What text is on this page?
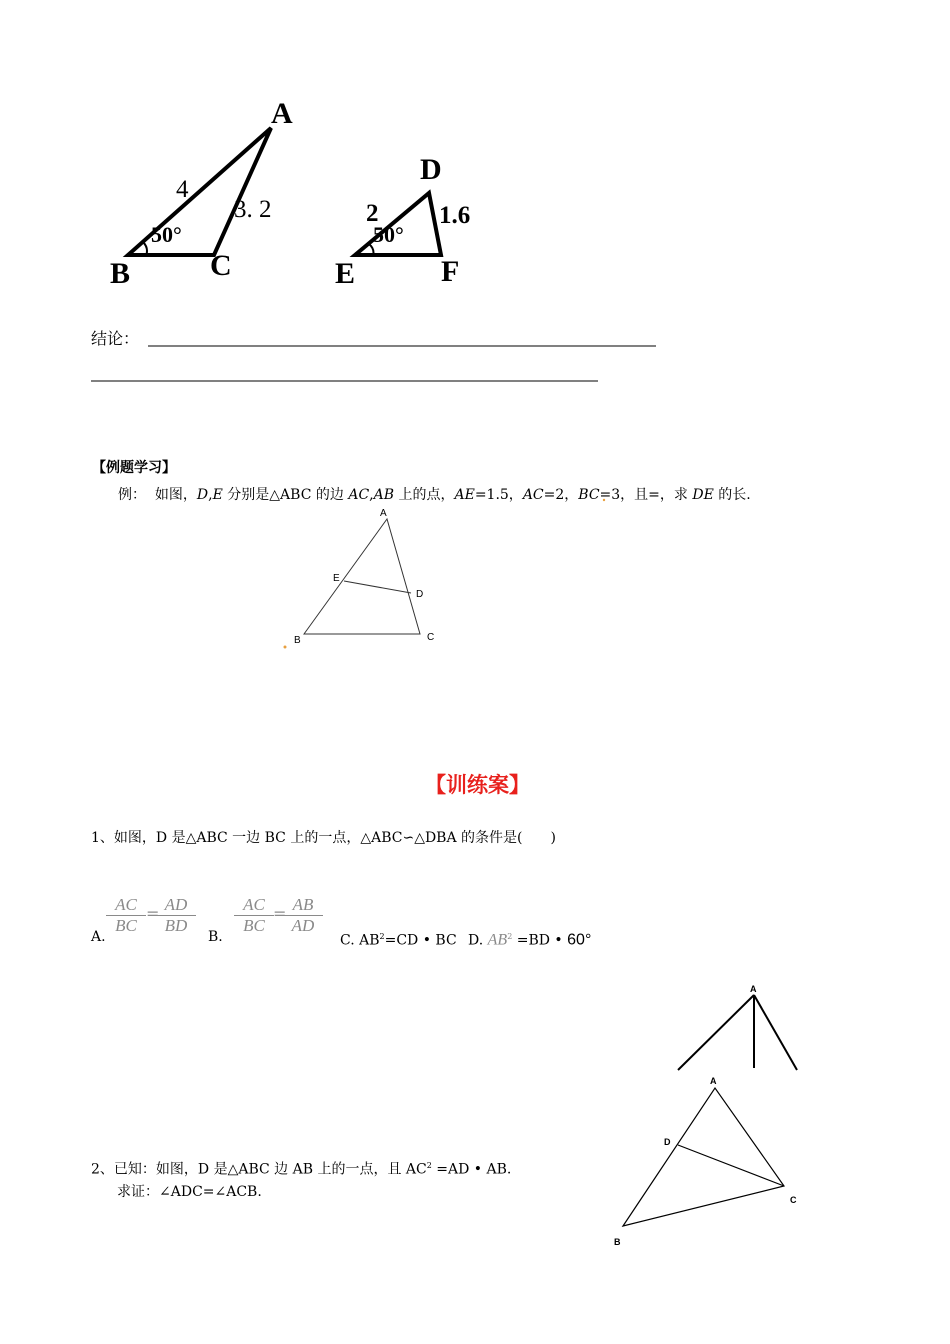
A
B	C
4
3. 2
50°
D
E	F
2 1.6
50°
结论：
【例题学习】
例： 如图，D,E 分别是△ABC 的边 AC,AB 上的点，AE=1.5，AC=2，BC=3，且=，求 DE 的长.
A
E
D
B	C
【训练案】
1、如图，D 是△ABC 一边 BC 上的一点，△ABC∽△DBA 的条件是(　　)
A.
$\frac{AC}{BC}$ =
$\frac{AD}{BD}$
B.
$\frac{AC}{BC}$ =
$\frac{AB}{AD}$
C. $AB^2=CD$ • BC D. $AB^2 =BD$ • 60°
A
2、已知：如图，D 是△ABC 边 AB 上的一点，且 $AC^2 =AD$ • AB.
求证：∠ADC=∠ACB.
A
D
C
B
